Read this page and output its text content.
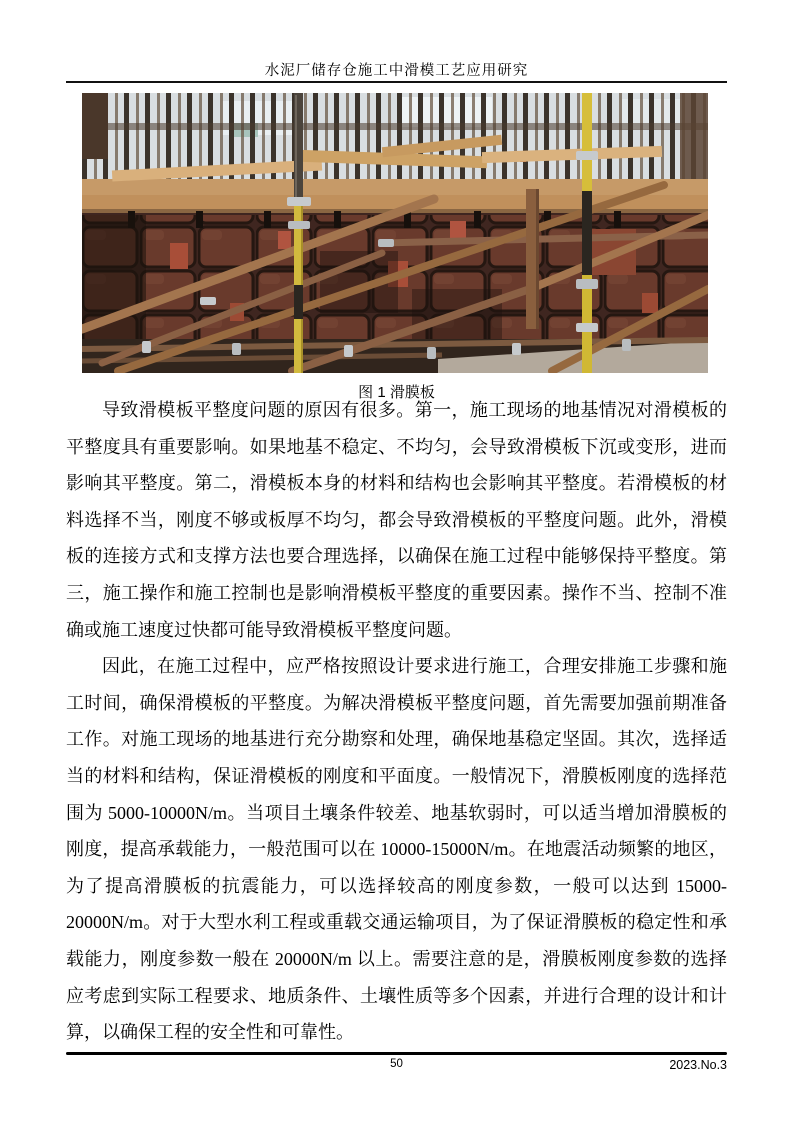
水泥厂储存仓施工中滑模工艺应用研究
图 1 滑膜板

导致滑模板平整度问题的原因有很多。第一，施工现场的地基情况对滑模板的平整度具有重要影响。如果地基不稳定、不均匀，会导致滑模板下沉或变形，进而影响其平整度。第二，滑模板本身的材料和结构也会影响其平整度。若滑模板的材料选择不当，刚度不够或板厚不均匀，都会导致滑模板的平整度问题。此外，滑模板的连接方式和支撑方法也要合理选择，以确保在施工过程中能够保持平整度。第三，施工操作和施工控制也是影响滑模板平整度的重要因素。操作不当、控制不准确或施工速度过快都可能导致滑模板平整度问题。

因此，在施工过程中，应严格按照设计要求进行施工，合理安排施工步骤和施工时间，确保滑模板的平整度。为解决滑模板平整度问题，首先需要加强前期准备工作。对施工现场的地基进行充分勘察和处理，确保地基稳定坚固。其次，选择适当的材料和结构，保证滑模板的刚度和平面度。一般情况下，滑膜板刚度的选择范围为 5000-10000N/m。当项目土壤条件较差、地基软弱时，可以适当增加滑膜板的刚度，提高承载能力，一般范围可以在 10000-15000N/m。在地震活动频繁的地区，为了提高滑膜板的抗震能力，可以选择较高的刚度参数，一般可以达到 15000-20000N/m。对于大型水利工程或重载交通运输项目，为了保证滑膜板的稳定性和承载能力，刚度参数一般在 20000N/m 以上。需要注意的是，滑膜板刚度参数的选择应考虑到实际工程要求、地质条件、土壤性质等多个因素，并进行合理的设计和计算，以确保工程的安全性和可靠性。

50	2023.No.3
